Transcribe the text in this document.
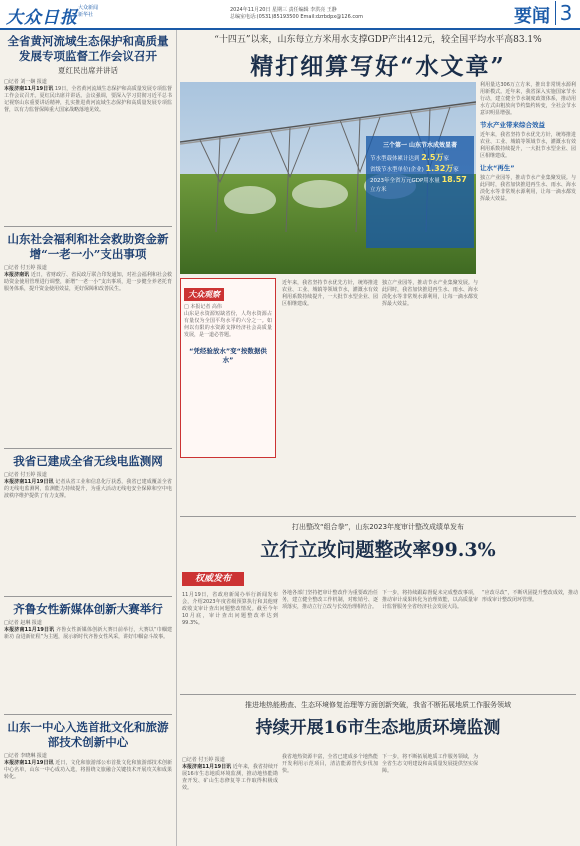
大众日报 大众新闻
新华社
2024年11月20日 星期三 责任编辑 李洪亮 王静
总编室电话:(0531)85193500 Email:dzrbdpx@126.com	要闻 3
全省黄河流域生态保护和高质量发展专项监督工作会议召开
夏红民出席并讲话
□记者 刘一娴 报道
本报济南11月19日讯 19日，全省黄河流域生态保护和高质量发展专项监督工作会议召开。夏红民出席并讲话。会议强调，要深入学习贯彻习近平总书记视察山东重要讲话精神，扎实推进黄河流域生态保护和高质量发展专项监督，以有力监督保障重大国家战略落地见效。
山东社会福利和社会救助资金新增“一老一小”支出事项
□记者 付玉婷 报道
本报济南讯 近日，省财政厅、省民政厅联合印发通知，对社会福利和社会救助资金使用管理进行调整，新增“一老一小”支出事项，进一步健全养老托育服务体系，提升资金使用效益，更好保障和改善民生。
我省已建成全省无线电监测网
□记者 付玉婷 报道
本报济南11月19日讯 记者从省工业和信息化厅获悉，我省已建成覆盖全省的无线电监测网，监测能力持续提升，为重大活动无线电安全保障和空中电波秩序维护提供了有力支撑。
齐鲁女性新媒体创新大赛举行
□记者 赵琳 报道
本报济南11月19日讯 齐鲁女性新媒体创新大赛日前举行，大赛以“巾帼建新功 奋进新征程”为主题，展示新时代齐鲁女性风采，讲好巾帼奋斗故事。
山东一中心入选首批文化和旅游部技术创新中心
□记者 李晓琳 报道
本报济南11月19日讯 近日，文化和旅游部公布首批文化和旅游部技术创新中心名单，山东一中心成功入选，将围绕文旅融合关键技术开展攻关和成果转化。
“十四五”以来，山东每立方米用水支撑GDP产出412元，较全国平均水平高83.1%
精打细算写好“水文章”
三个第一 山东节水成效显著
节水型载体累计达到 2.5万家
省级节水型单位(企业) 1.32万家
2023年全省万元GDP用水量 18.57立方米
利用量达306万立方米，推出非常规水源利用新模式。近年来，我省深入实施国家节水行动，建立健全节水制度政策体系，推动用水方式由粗放向节约集约转变，全社会节水意识明显增强。
节水产业带来综合效益
近年来，我省坚持节水优先方针，统筹推进农业、工业、城镇等领域节水，灌溉水有效利用系数持续提升，一大批节水型企业、园区相继建成。
让水“再生”
独立产业园等，推动节水产业集聚发展。与此同时，我省加快推进再生水、雨水、海水淡化水等非常规水源利用，让每一滴水都发挥最大效益。
大众观察
□ 本报记者 高伟
山东是水资源短缺省份，人均水资源占有量仅为全国平均水平的六分之一。如何以有限的水资源支撑经济社会高质量发展，是一道必答题。
“凭经验放水”变“按数据供水”
近年来，我省坚持节水优先方针，统筹推进农业、工业、城镇等领域节水，灌溉水有效利用系数持续提升，一大批节水型企业、园区相继建成。
独立产业园等，推动节水产业集聚发展。与此同时，我省加快推进再生水、雨水、海水淡化水等非常规水源利用，让每一滴水都发挥最大效益。
打出整改“组合拳”，山东2023年度审计整改成绩单发布
立行立改问题整改率99.3%
权威发布
11月19日，省政府新闻办举行新闻发布会，介绍2023年度省级预算执行和其他财政收支审计查出问题整改情况。截至今年10月底，审计查出问题整改率达到99.3%。
各地各部门坚持把审计整改作为重要政治任务，建立健全整改工作机制，对账销号、逐项落实，推动立行立改与长效治理相结合。
下一步，将持续跟踪督促未完成整改事项，推动审计成果转化为治理效能，以高质量审计监督服务全省经济社会发展大局。
“应改尽改”，不断巩固提升整改成效，推动形成审计整改闭环管理。
推进地热能勘查、生态环境修复治理等方面创新突破，我省不断拓展地质工作服务领域
持续开展16市生态地质环境监测
□记者 付玉婷 报道
本报济南11月19日讯 近年来，我省持续开展16市生态地质环境监测，推动地热能勘查开发、矿山生态修复等工作取得积极成效。
我省地热资源丰富，全省已建成多个地热能开发利用示范项目，清洁能源替代步伐加快。
下一步，将不断拓展地质工作服务领域，为全省生态文明建设和高质量发展提供坚实保障。
